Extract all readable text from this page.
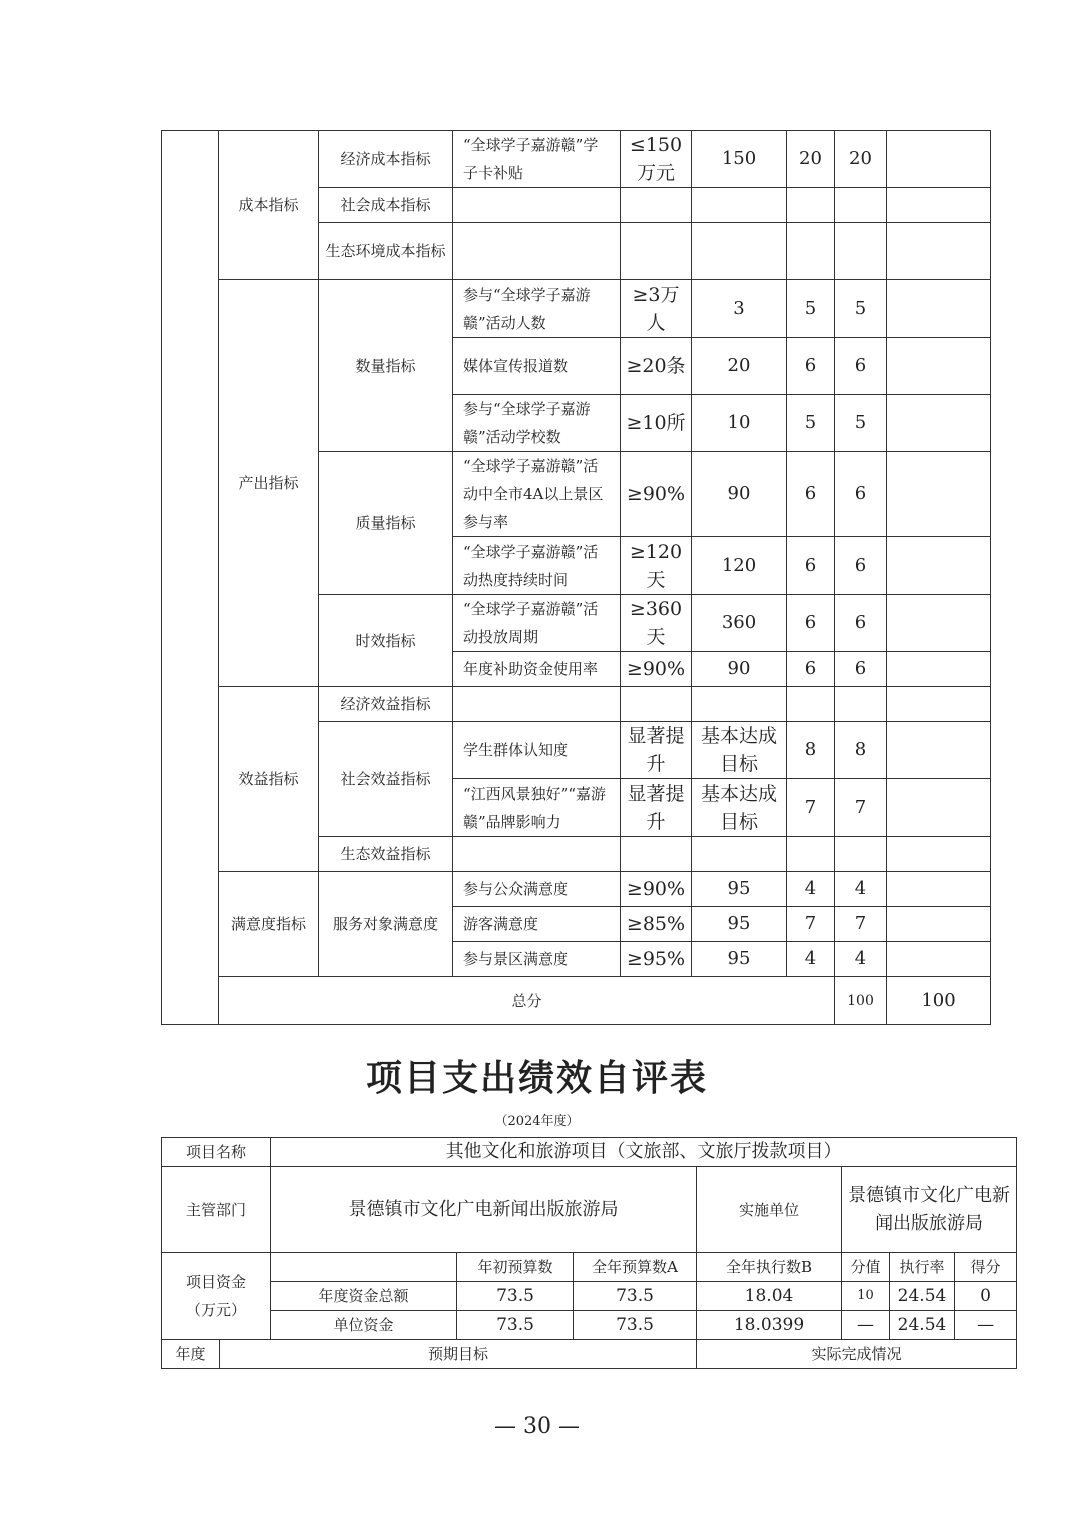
	成本指标	经济成本指标	“全球学子嘉游赣”学子卡补贴	≤150万元	150	20	20		
		社会成本指标							
		生态环境成本指标							
	产出指标	数量指标	参与“全球学子嘉游赣”活动人数	≥3万人	3	5	5		
			媒体宣传报道数	≥20条	20	6	6		
			参与“全球学子嘉游赣”活动学校数	≥10所	10	5	5		
		质量指标	“全球学子嘉游赣”活动中全市4A以上景区参与率	≥90%	90	6	6		
			“全球学子嘉游赣”活动热度持续时间	≥120天	120	6	6		
		时效指标	“全球学子嘉游赣”活动投放周期	≥360天	360	6	6		
			年度补助资金使用率	≥90%	90	6	6		
	效益指标	经济效益指标							
		社会效益指标	学生群体认知度	显著提升	基本达成目标	8	8		
			“江西风景独好”“嘉游赣”品牌影响力	显著提升	基本达成目标	7	7		
		生态效益指标							
	满意度指标	服务对象满意度	参与公众满意度	≥90%	95	4	4		
			游客满意度	≥85%	95	7	7		
			参与景区满意度	≥95%	95	4	4		
	总分						100	100	
项目支出绩效自评表
（2024年度）
项目名称		其他文化和旅游项目（文旅部、文旅厅拨款项目）						
主管部门		景德镇市文化广电新闻出版旅游局			实施单位	景德镇市文化广电新闻出版旅游局		
项目资金（万元）			年初预算数	全年预算数A	全年执行数B	分值	执行率	得分
		年度资金总额	73.5	73.5	18.04	10	24.54	0
		单位资金	73.5	73.5	18.0399	—	24.54	—
年度	预期目标				实际完成情况			
— 30 —
